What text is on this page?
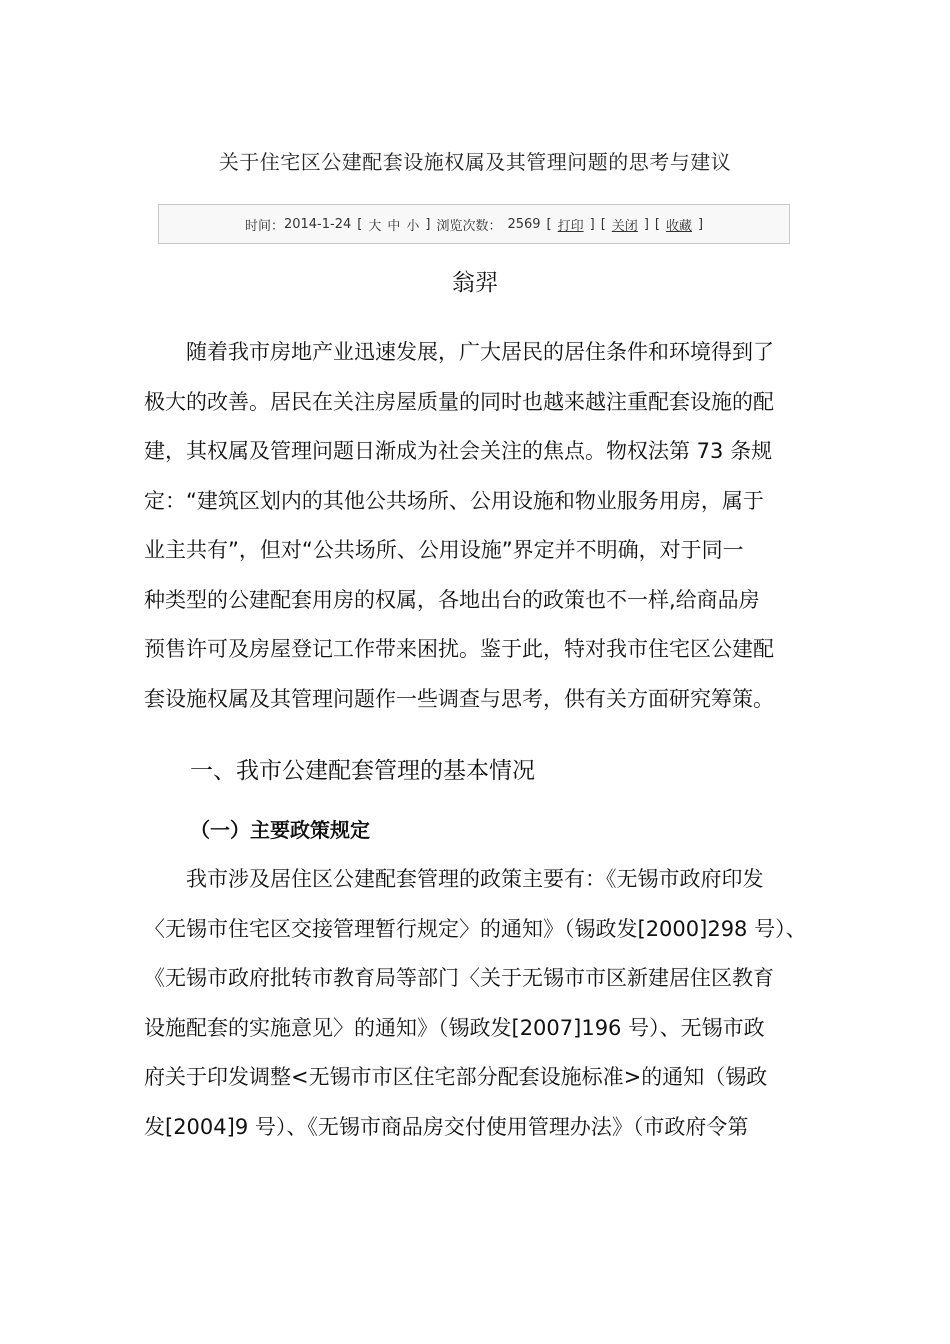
关于住宅区公建配套设施权属及其管理问题的思考与建议
时间： 2014-1-24 [ 大 中 小 ] 浏览次数： 2569 [ 打印 ] [ 关闭 ] [ 收藏 ]
翁羿
　　随着我市房地产业迅速发展，广大居民的居住条件和环境得到了
极大的改善。居民在关注房屋质量的同时也越来越注重配套设施的配
建，其权属及管理问题日渐成为社会关注的焦点。物权法第 73 条规
定：“建筑区划内的其他公共场所、公用设施和物业服务用房，属于
业主共有”，但对“公共场所、公用设施”界定并不明确，对于同一
种类型的公建配套用房的权属，各地出台的政策也不一样,给商品房
预售许可及房屋登记工作带来困扰。鉴于此，特对我市住宅区公建配
套设施权属及其管理问题作一些调查与思考，供有关方面研究筹策。
一、我市公建配套管理的基本情况
（一）主要政策规定
　　我市涉及居住区公建配套管理的政策主要有：《无锡市政府印发
〈无锡市住宅区交接管理暂行规定〉的通知》（锡政发[2000]298 号）、
《无锡市政府批转市教育局等部门〈关于无锡市市区新建居住区教育
设施配套的实施意见〉的通知》（锡政发[2007]196 号）、无锡市政
府关于印发调整<无锡市市区住宅部分配套设施标准>的通知（锡政
发[2004]9 号）、《无锡市商品房交付使用管理办法》（市政府令第
